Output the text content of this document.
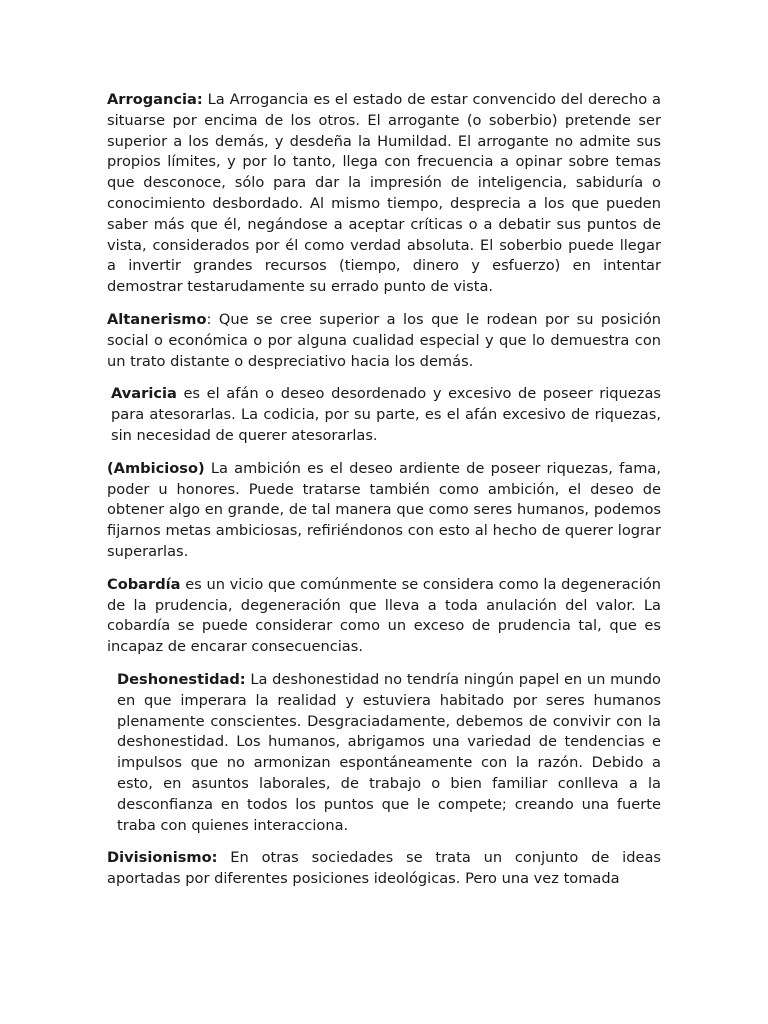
Arrogancia: La Arrogancia es el estado de estar convencido del derecho a situarse por encima de los otros. El arrogante (o soberbio) pretende ser superior a los demás, y desdeña la Humildad. El arrogante no admite sus propios límites, y por lo tanto, llega con frecuencia a opinar sobre temas que desconoce, sólo para dar la impresión de inteligencia, sabiduría o conocimiento desbordado. Al mismo tiempo, desprecia a los que pueden saber más que él, negándose a aceptar críticas o a debatir sus puntos de vista, considerados por él como verdad absoluta. El soberbio puede llegar a invertir grandes recursos (tiempo, dinero y esfuerzo) en intentar demostrar testarudamente su errado punto de vista.

Altanerismo: Que se cree superior a los que le rodean por su posición social o económica o por alguna cualidad especial y que lo demuestra con un trato distante o despreciativo hacia los demás.

Avaricia es el afán o deseo desordenado y excesivo de poseer riquezas para atesorarlas. La codicia, por su parte, es el afán excesivo de riquezas, sin necesidad de querer atesorarlas.

(Ambicioso) La ambición es el deseo ardiente de poseer riquezas, fama, poder u honores. Puede tratarse también como ambición, el deseo de obtener algo en grande, de tal manera que como seres humanos, podemos fijarnos metas ambiciosas, refiriéndonos con esto al hecho de querer lograr superarlas.

Cobardía es un vicio que comúnmente se considera como la degeneración de la prudencia, degeneración que lleva a toda anulación del valor. La cobardía se puede considerar como un exceso de prudencia tal, que es incapaz de encarar consecuencias.

Deshonestidad: La deshonestidad no tendría ningún papel en un mundo en que imperara la realidad y estuviera habitado por seres humanos plenamente conscientes. Desgraciadamente, debemos de convivir con la deshonestidad. Los humanos, abrigamos una variedad de tendencias e impulsos que no armonizan espontáneamente con la razón. Debido a esto, en asuntos laborales, de trabajo o bien familiar conlleva a la desconfianza en todos los puntos que le compete; creando una fuerte traba con quienes interacciona.

Divisionismo: En otras sociedades se trata un conjunto de ideas aportadas por diferentes posiciones ideológicas. Pero una vez tomada
